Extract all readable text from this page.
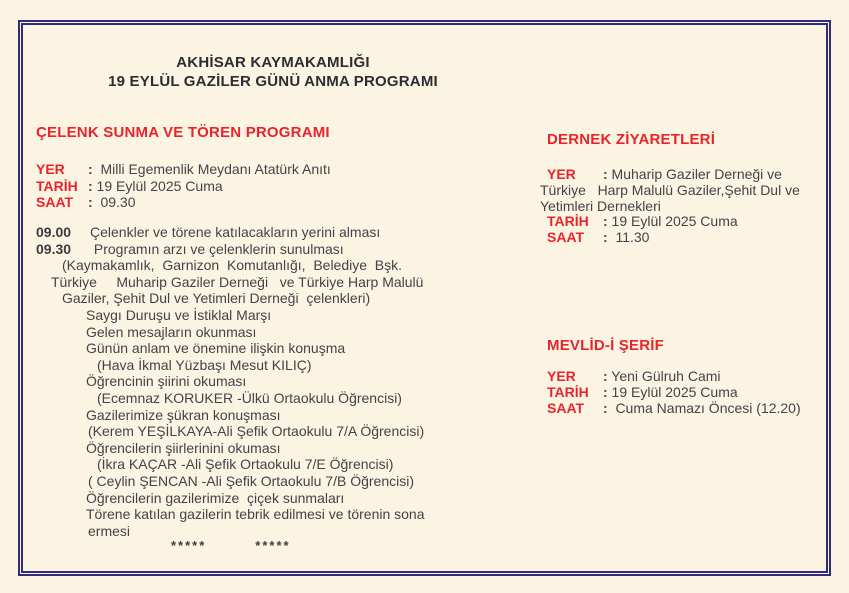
AKHİSAR KAYMAKAMLIĞI
19 EYLÜL GAZİLER GÜNÜ ANMA PROGRAMI
ÇELENK SUNMA VE TÖREN PROGRAMI
YER :  Milli Egemenlik Meydanı Atatürk Anıtı
TARİH : 19 Eylül 2025 Cuma
SAAT :  09.30
09.00 Çelenkler ve törene katılacakların yerini alması
09.30 Programın arzı ve çelenklerin sunulması
(Kaymakamlık,  Garnizon  Komutanlığı,  Belediye  Bşk.
Türkiye     Muharip Gaziler Derneği   ve Türkiye Harp Malulü
Gaziler, Şehit Dul ve Yetimleri Derneği  çelenkleri)
Saygı Duruşu ve İstiklal Marşı
Gelen mesajların okunması
Günün anlam ve önemine ilişkin konuşma
(Hava İkmal Yüzbaşı Mesut KILIÇ)
Öğrencinin şiirini okuması
(Ecemnaz KORUKER -Ülkü Ortaokulu Öğrencisi)
Gazilerimize şükran konuşması
(Kerem YEŞİLKAYA-Ali Şefik Ortaokulu 7/A Öğrencisi)
Öğrencilerin şiirlerinini okuması
(İkra KAÇAR -Ali Şefik Ortaokulu 7/E Öğrencisi)
( Ceylin ŞENCAN -Ali Şefik Ortaokulu 7/B Öğrencisi)
Öğrencilerin gazilerimize  çiçek sunmaları
Törene katılan gazilerin tebrik edilmesi ve törenin sona
ermesi
*****	*****
DERNEK ZİYARETLERİ
YER : Muharip Gaziler Derneği ve
Türkiye   Harp Malulü Gaziler,Şehit Dul ve
Yetimleri Dernekleri
TARİH : 19 Eylül 2025 Cuma
SAAT :  11.30
MEVLİD-İ ŞERİF
YER : Yeni Gülruh Cami
TARİH : 19 Eylül 2025 Cuma
SAAT :  Cuma Namazı Öncesi (12.20)
